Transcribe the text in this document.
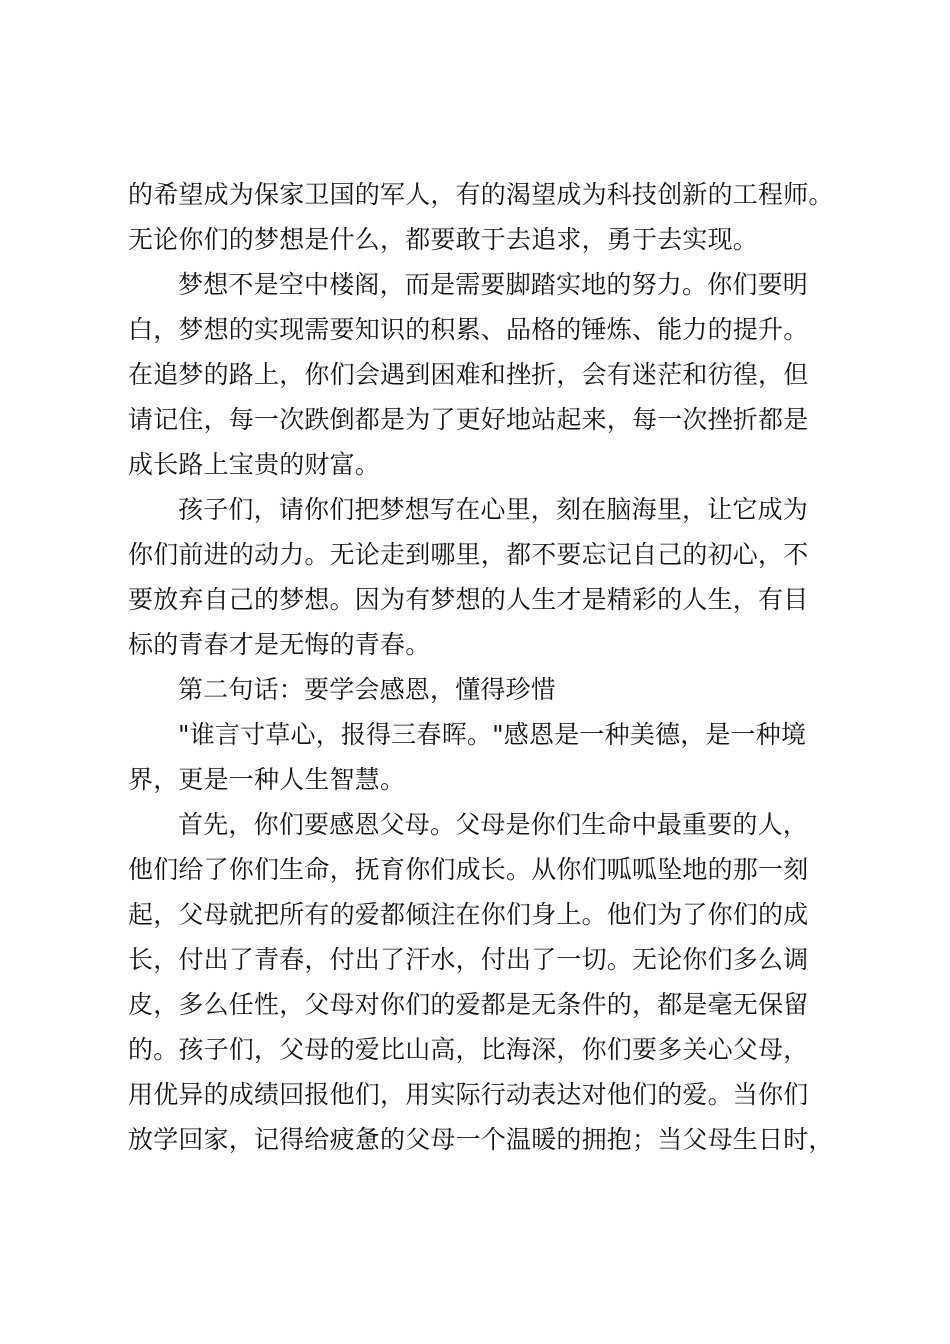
的希望成为保家卫国的军人，有的渴望成为科技创新的工程师。
无论你们的梦想是什么，都要敢于去追求，勇于去实现。
梦想不是空中楼阁，而是需要脚踏实地的努力。你们要明
白，梦想的实现需要知识的积累、品格的锤炼、能力的提升。
在追梦的路上，你们会遇到困难和挫折，会有迷茫和彷徨，但
请记住，每一次跌倒都是为了更好地站起来，每一次挫折都是
成长路上宝贵的财富。
孩子们，请你们把梦想写在心里，刻在脑海里，让它成为
你们前进的动力。无论走到哪里，都不要忘记自己的初心，不
要放弃自己的梦想。因为有梦想的人生才是精彩的人生，有目
标的青春才是无悔的青春。
第二句话：要学会感恩，懂得珍惜
"谁言寸草心，报得三春晖。"感恩是一种美德，是一种境
界，更是一种人生智慧。
首先，你们要感恩父母。父母是你们生命中最重要的人，
他们给了你们生命，抚育你们成长。从你们呱呱坠地的那一刻
起，父母就把所有的爱都倾注在你们身上。他们为了你们的成
长，付出了青春，付出了汗水，付出了一切。无论你们多么调
皮，多么任性，父母对你们的爱都是无条件的，都是毫无保留
的。孩子们，父母的爱比山高，比海深，你们要多关心父母，
用优异的成绩回报他们，用实际行动表达对他们的爱。当你们
放学回家，记得给疲惫的父母一个温暖的拥抱；当父母生日时，
